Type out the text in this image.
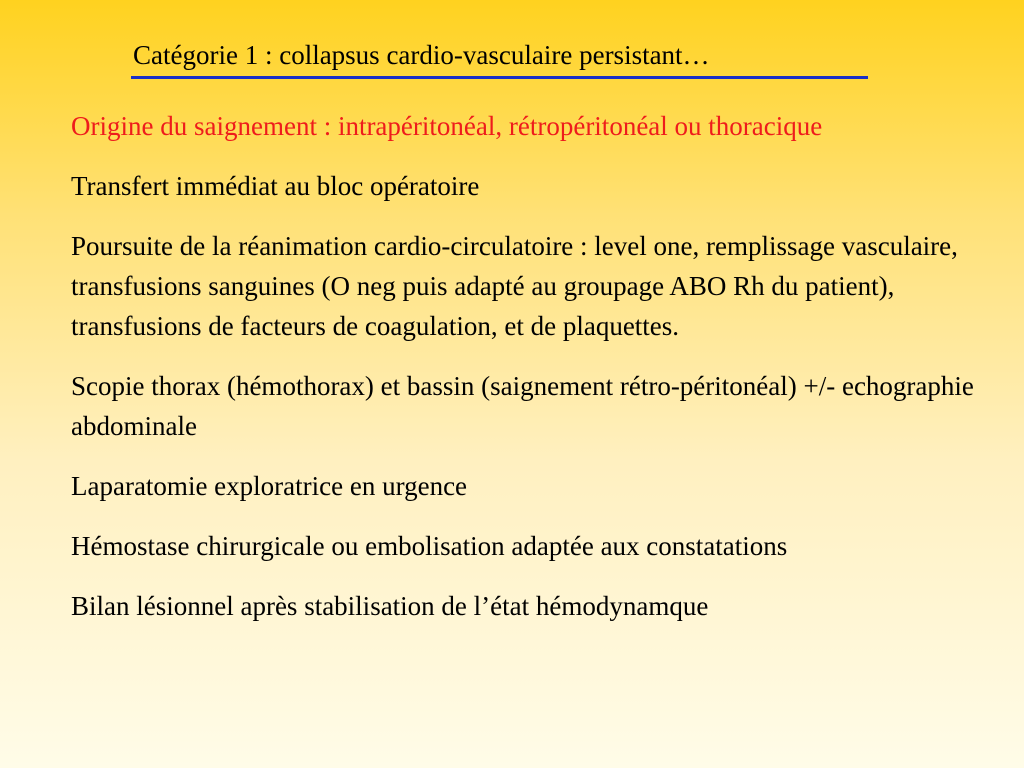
Catégorie 1 : collapsus cardio-vasculaire persistant…

Origine du saignement : intrapéritonéal, rétropéritonéal ou thoracique

Transfert immédiat au bloc opératoire

Poursuite de la réanimation cardio-circulatoire : level one, remplissage vasculaire, transfusions sanguines (O neg puis adapté au groupage ABO Rh du patient), transfusions de facteurs de coagulation, et de plaquettes.

Scopie thorax (hémothorax) et bassin (saignement rétro-péritonéal) +/- echographie abdominale

Laparatomie exploratrice en urgence

Hémostase chirurgicale ou embolisation adaptée aux constatations

Bilan lésionnel après stabilisation de l’état hémodynamque
